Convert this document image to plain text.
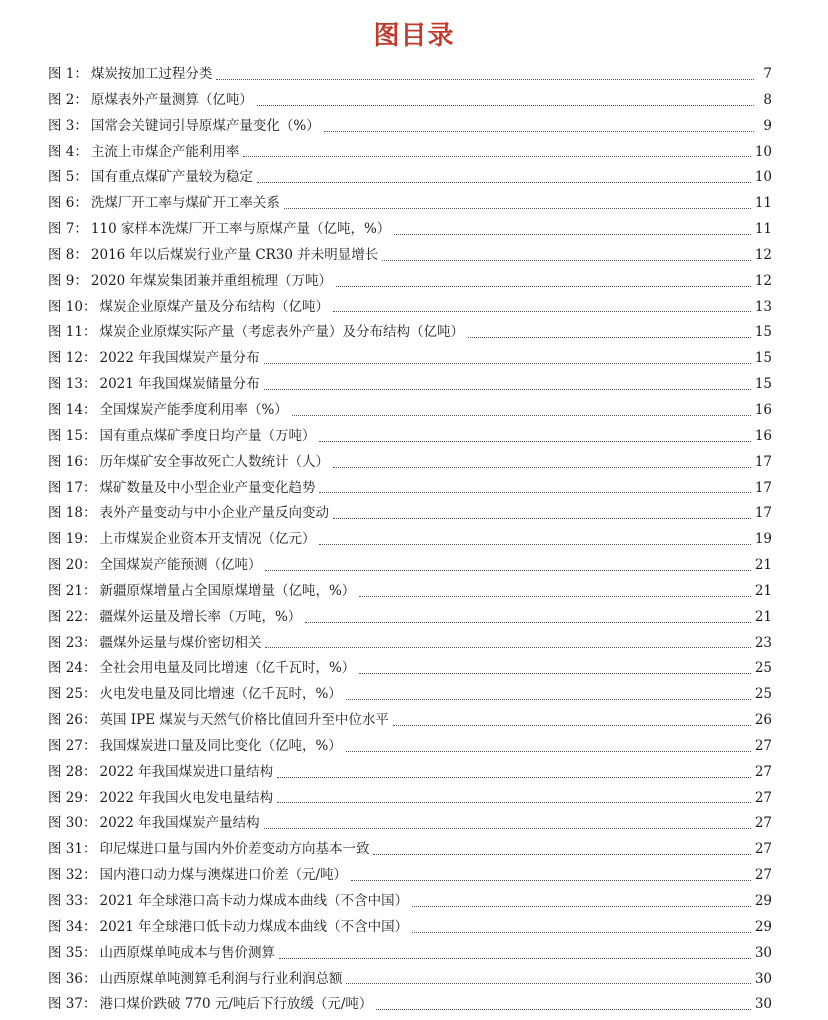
图目录
图 1： 煤炭按加工过程分类	7
图 2： 原煤表外产量测算（亿吨）	8
图 3： 国常会关键词引导原煤产量变化（%）	9
图 4： 主流上市煤企产能利用率	10
图 5： 国有重点煤矿产量较为稳定	10
图 6： 洗煤厂开工率与煤矿开工率关系	11
图 7： 110 家样本洗煤厂开工率与原煤产量（亿吨，%）	11
图 8： 2016 年以后煤炭行业产量 CR30 并未明显增长	12
图 9： 2020 年煤炭集团兼并重组梳理（万吨）	12
图 10： 煤炭企业原煤产量及分布结构（亿吨）	13
图 11： 煤炭企业原煤实际产量（考虑表外产量）及分布结构（亿吨）	15
图 12： 2022 年我国煤炭产量分布	15
图 13： 2021 年我国煤炭储量分布	15
图 14： 全国煤炭产能季度利用率（%）	16
图 15： 国有重点煤矿季度日均产量（万吨）	16
图 16： 历年煤矿安全事故死亡人数统计（人）	17
图 17： 煤矿数量及中小型企业产量变化趋势	17
图 18： 表外产量变动与中小企业产量反向变动	17
图 19： 上市煤炭企业资本开支情况（亿元）	19
图 20： 全国煤炭产能预测（亿吨）	21
图 21： 新疆原煤增量占全国原煤增量（亿吨，%）	21
图 22： 疆煤外运量及增长率（万吨，%）	21
图 23： 疆煤外运量与煤价密切相关	23
图 24： 全社会用电量及同比增速（亿千瓦时，%）	25
图 25： 火电发电量及同比增速（亿千瓦时，%）	25
图 26： 英国 IPE 煤炭与天然气价格比值回升至中位水平	26
图 27： 我国煤炭进口量及同比变化（亿吨，%）	27
图 28： 2022 年我国煤炭进口量结构	27
图 29： 2022 年我国火电发电量结构	27
图 30： 2022 年我国煤炭产量结构	27
图 31： 印尼煤进口量与国内外价差变动方向基本一致	27
图 32： 国内港口动力煤与澳煤进口价差（元/吨）	27
图 33： 2021 年全球港口高卡动力煤成本曲线（不含中国）	29
图 34： 2021 年全球港口低卡动力煤成本曲线（不含中国）	29
图 35： 山西原煤单吨成本与售价测算	30
图 36： 山西原煤单吨测算毛利润与行业利润总额	30
图 37： 港口煤价跌破 770 元/吨后下行放缓（元/吨）	30
